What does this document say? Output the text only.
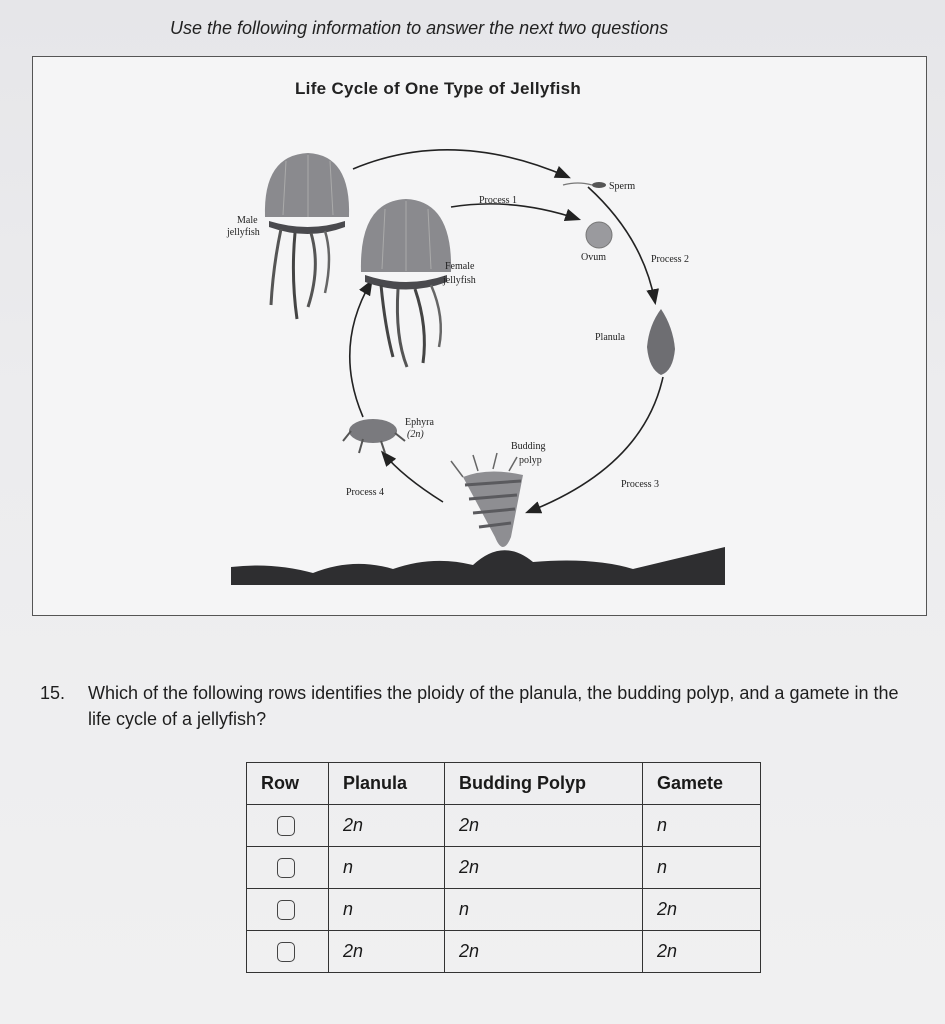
Use the following information to answer the next two questions
Life Cycle of One Type of Jellyfish
Male
jellyfish
Female
jellyfish
Process 1
Sperm
Ovum	Process 2
Planula
Ephyra
(2n)
Budding
polyp
Process 3
Process 4
15. Which of the following rows identifies the ploidy of the planula, the budding polyp, and a gamete in the life cycle of a jellyfish?
Row	Planula	Budding Polyp	Gamete
	2n	2n	n
	n	2n	n
	n	n	2n
	2n	2n	2n
